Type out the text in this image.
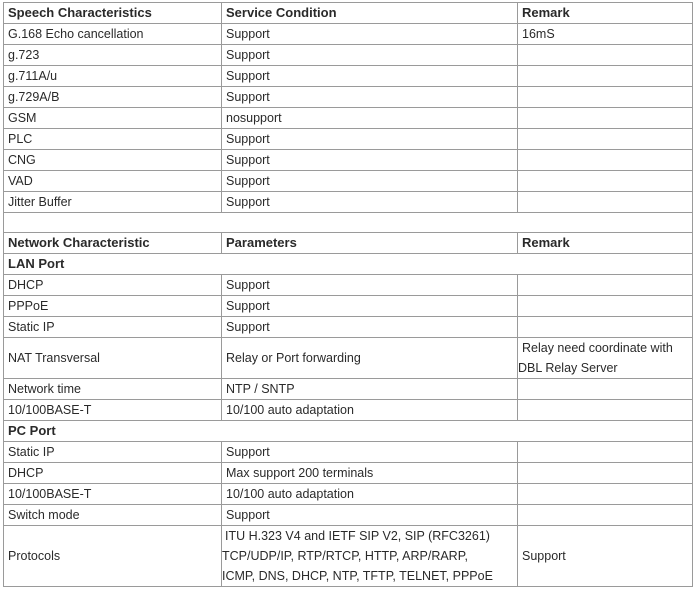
Speech Characteristics	Service Condition	Remark
G.168 Echo cancellation	Support	16mS
g.723	Support	
g.711A/u	Support	
g.729A/B	Support	
GSM	nosupport	
PLC	Support	
CNG	Support	
VAD	Support	
Jitter Buffer	Support	

Network Characteristic	Parameters	Remark
LAN Port		
DHCP	Support	
PPPoE	Support	
Static IP	Support	
NAT Transversal	Relay or Port forwarding	Relay need coordinate with
DBL Relay Server

Network time	NTP / SNTP	
10/100BASE-T	10/100 auto adaptation	
PC Port		
Static IP	Support	
DHCP	Max support 200 terminals	
10/100BASE-T	10/100 auto adaptation	
Switch mode	Support	
Protocols	ITU H.323 V4 and IETF SIP V2, SIP (RFC3261)
TCP/UDP/IP, RTP/RTCP, HTTP, ARP/RARP,
ICMP, DNS, DHCP, NTP, TFTP, TELNET, PPPoE	Support
